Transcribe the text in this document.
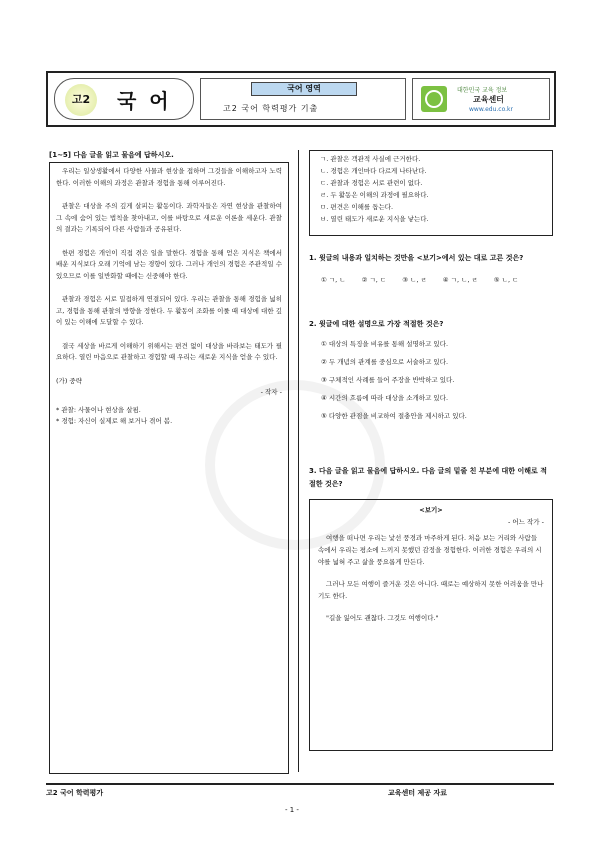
고2	국 어
국어 영역
고2 국어 학력평가 기출
대한민국 교육 정보
교육센터
www.edu.co.kr
[1~5] 다음 글을 읽고 물음에 답하시오.

우리는 일상생활에서 다양한 사물과 현상을 접하며 그것들을 이해하고자 노력한다. 이러한 이해의 과정은 관찰과 경험을 통해 이루어진다.

관찰은 대상을 주의 깊게 살피는 활동이다. 과학자들은 자연 현상을 관찰하여 그 속에 숨어 있는 법칙을 찾아내고, 이를 바탕으로 새로운 이론을 세운다. 관찰의 결과는 기록되어 다른 사람들과 공유된다.

한편 경험은 개인이 직접 겪은 일을 말한다. 경험을 통해 얻은 지식은 책에서 배운 지식보다 오래 기억에 남는 경향이 있다. 그러나 개인의 경험은 주관적일 수 있으므로 이를 일반화할 때에는 신중해야 한다.

관찰과 경험은 서로 밀접하게 연결되어 있다. 우리는 관찰을 통해 경험을 넓히고, 경험을 통해 관찰의 방향을 정한다. 두 활동이 조화를 이룰 때 대상에 대한 깊이 있는 이해에 도달할 수 있다.

결국 세상을 바르게 이해하기 위해서는 편견 없이 대상을 바라보는 태도가 필요하다. 열린 마음으로 관찰하고 경험할 때 우리는 새로운 지식을 얻을 수 있다.

(가) 중략

- 작자 -

* 관찰: 사물이나 현상을 살핌.

* 경험: 자신이 실제로 해 보거나 겪어 봄.

ㄱ. 관찰은 객관적 사실에 근거한다.
ㄴ. 경험은 개인마다 다르게 나타난다.
ㄷ. 관찰과 경험은 서로 관련이 없다.
ㄹ. 두 활동은 이해의 과정에 필요하다.
ㅁ. 편견은 이해를 돕는다.
ㅂ. 열린 태도가 새로운 지식을 낳는다.
1. 윗글의 내용과 일치하는 것만을 <보기>에서 있는 대로 고른 것은?
① ㄱ, ㄴ ② ㄱ, ㄷ ③ ㄴ, ㄹ ④ ㄱ, ㄴ, ㄹ ⑤ ㄴ, ㄷ
2. 윗글에 대한 설명으로 가장 적절한 것은?
① 대상의 특징을 비유를 통해 설명하고 있다.
② 두 개념의 관계를 중심으로 서술하고 있다.
③ 구체적인 사례를 들어 주장을 반박하고 있다.
④ 시간의 흐름에 따라 대상을 소개하고 있다.
⑤ 다양한 관점을 비교하여 절충안을 제시하고 있다.
3. 다음 글을 읽고 물음에 답하시오. 다음 글의 밑줄 친 부분에 대한 이해로 적절한 것은?
<보기>
- 어느 작가 -

여행을 떠나면 우리는 낯선 풍경과 마주하게 된다. 처음 보는 거리와 사람들 속에서 우리는 평소에 느끼지 못했던 감정을 경험한다. 이러한 경험은 우리의 시야를 넓혀 주고 삶을 풍요롭게 만든다.

그러나 모든 여행이 즐거운 것은 아니다. 때로는 예상하지 못한 어려움을 만나기도 한다.

"길을 잃어도 괜찮다. 그것도 여행이다."

고2 국어 학력평가	교육센터 제공 자료
- 1 -
